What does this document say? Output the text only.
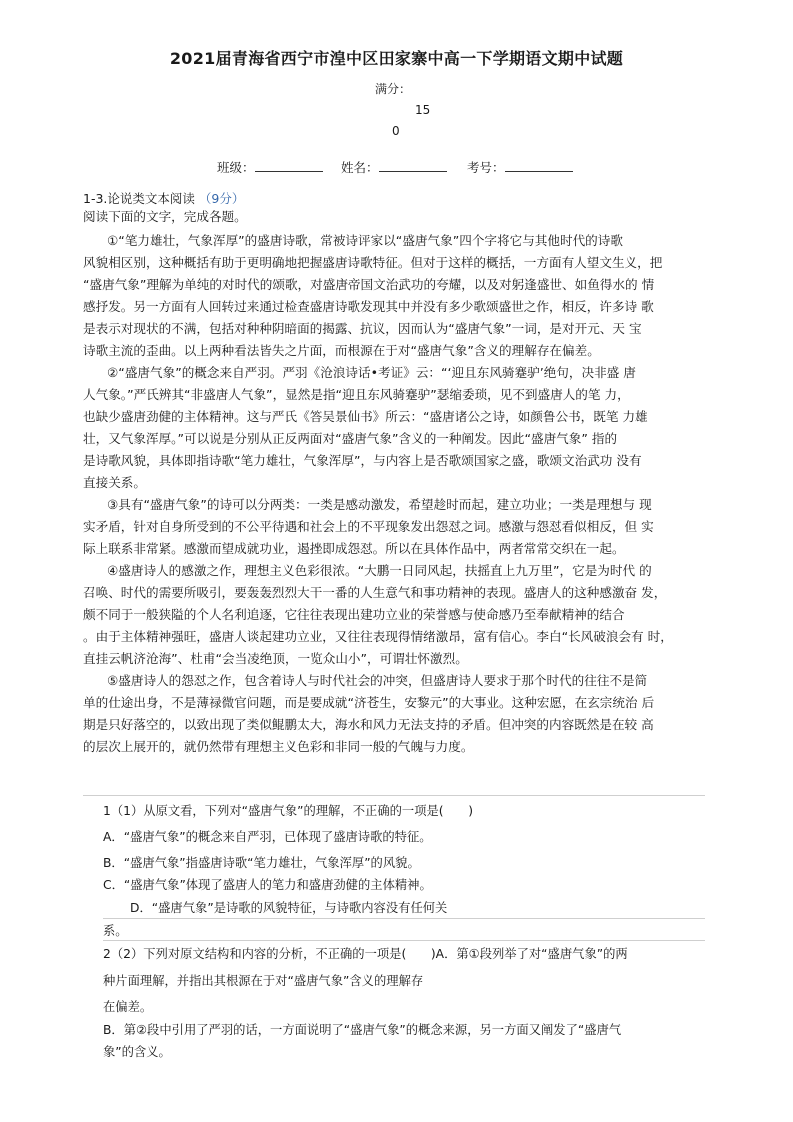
2021届青海省西宁市湟中区田家寨中高一下学期语文期中试题
满分：
15
0
班级：	姓名：	考号：
1-3.论说类文本阅读 （9分）
阅读下面的文字，完成各题。
①“笔力雄壮，气象浑厚”的盛唐诗歌，常被诗评家以“盛唐气象”四个字将它与其他时代的诗歌
风貌相区别，这种概括有助于更明确地把握盛唐诗歌特征。但对于这样的概括，一方面有人望文生义，把
“盛唐气象”理解为单纯的对时代的颂歌，对盛唐帝国文治武功的夸耀，以及对躬逢盛世、如鱼得水的 情
感抒发。另一方面有人回转过来通过检查盛唐诗歌发现其中并没有多少歌颂盛世之作，相反，许多诗 歌
是表示对现状的不满，包括对种种阴暗面的揭露、抗议，因而认为“盛唐气象”一词，是对开元、天 宝
诗歌主流的歪曲。以上两种看法皆失之片面，而根源在于对“盛唐气象”含义的理解存在偏差。
②“盛唐气象”的概念来自严羽。严羽《沧浪诗话•考证》云：“‘迎且东风骑蹇驴’绝句，决非盛 唐
人气象。”严氏辨其“非盛唐人气象”，显然是指“迎且东风骑蹇驴”瑟缩委琐，见不到盛唐人的笔 力，
也缺少盛唐劲健的主体精神。这与严氏《答吴景仙书》所云：“盛唐诸公之诗，如颜鲁公书，既笔 力雄
壮，又气象浑厚。”可以说是分别从正反两面对“盛唐气象”含义的一种阐发。因此“盛唐气象” 指的
是诗歌风貌，具体即指诗歌“笔力雄壮，气象浑厚”，与内容上是否歌颂国家之盛，歌颂文治武功 没有
直接关系。
③具有“盛唐气象”的诗可以分两类：一类是感动激发，希望趁时而起，建立功业；一类是理想与 现
实矛盾，针对自身所受到的不公平待遇和社会上的不平现象发出怨怼之词。感激与怨怼看似相反，但 实
际上联系非常紧。感激而望成就功业，遏挫即成怨怼。所以在具体作品中，两者常常交织在一起。
④盛唐诗人的感激之作，理想主义色彩很浓。“大鹏一日同风起，扶摇直上九万里”，它是为时代 的
召唤、时代的需要所吸引，要轰轰烈烈大干一番的人生意气和事功精神的表现。盛唐人的这种感激奋 发，
颇不同于一般狭隘的个人名利追逐，它往往表现出建功立业的荣誉感与使命感乃至奉献精神的结合
。由于主体精神强旺，盛唐人谈起建功立业，又往往表现得情绪激昂，富有信心。李白“长风破浪会有 时，
直挂云帆济沧海”、杜甫“会当凌绝顶，一览众山小”，可谓壮怀激烈。
⑤盛唐诗人的怨怼之作，包含着诗人与时代社会的冲突，但盛唐诗人要求于那个时代的往往不是简
单的仕途出身，不是薄禄微官问题，而是要成就“济苍生，安黎元”的大事业。这种宏愿，在玄宗统治 后
期是只好落空的，以致出现了类似鲲鹏太大，海水和风力无法支持的矛盾。但冲突的内容既然是在较 高
的层次上展开的，就仍然带有理想主义色彩和非同一般的气魄与力度。
1（1）从原文看，下列对“盛唐气象”的理解，不正确的一项是(　　)
A．“盛唐气象”的概念来自严羽，已体现了盛唐诗歌的特征。
B．“盛唐气象”指盛唐诗歌“笔力雄壮，气象浑厚”的风貌。
C．“盛唐气象”体现了盛唐人的笔力和盛唐劲健的主体精神。
D．“盛唐气象”是诗歌的风貌特征，与诗歌内容没有任何关
系。
2（2）下列对原文结构和内容的分析，不正确的一项是(　　)A．第①段列举了对“盛唐气象”的两
种片面理解，并指出其根源在于对“盛唐气象”含义的理解存
在偏差。
B．第②段中引用了严羽的话，一方面说明了“盛唐气象”的概念来源，另一方面又阐发了“盛唐气
象”的含义。
